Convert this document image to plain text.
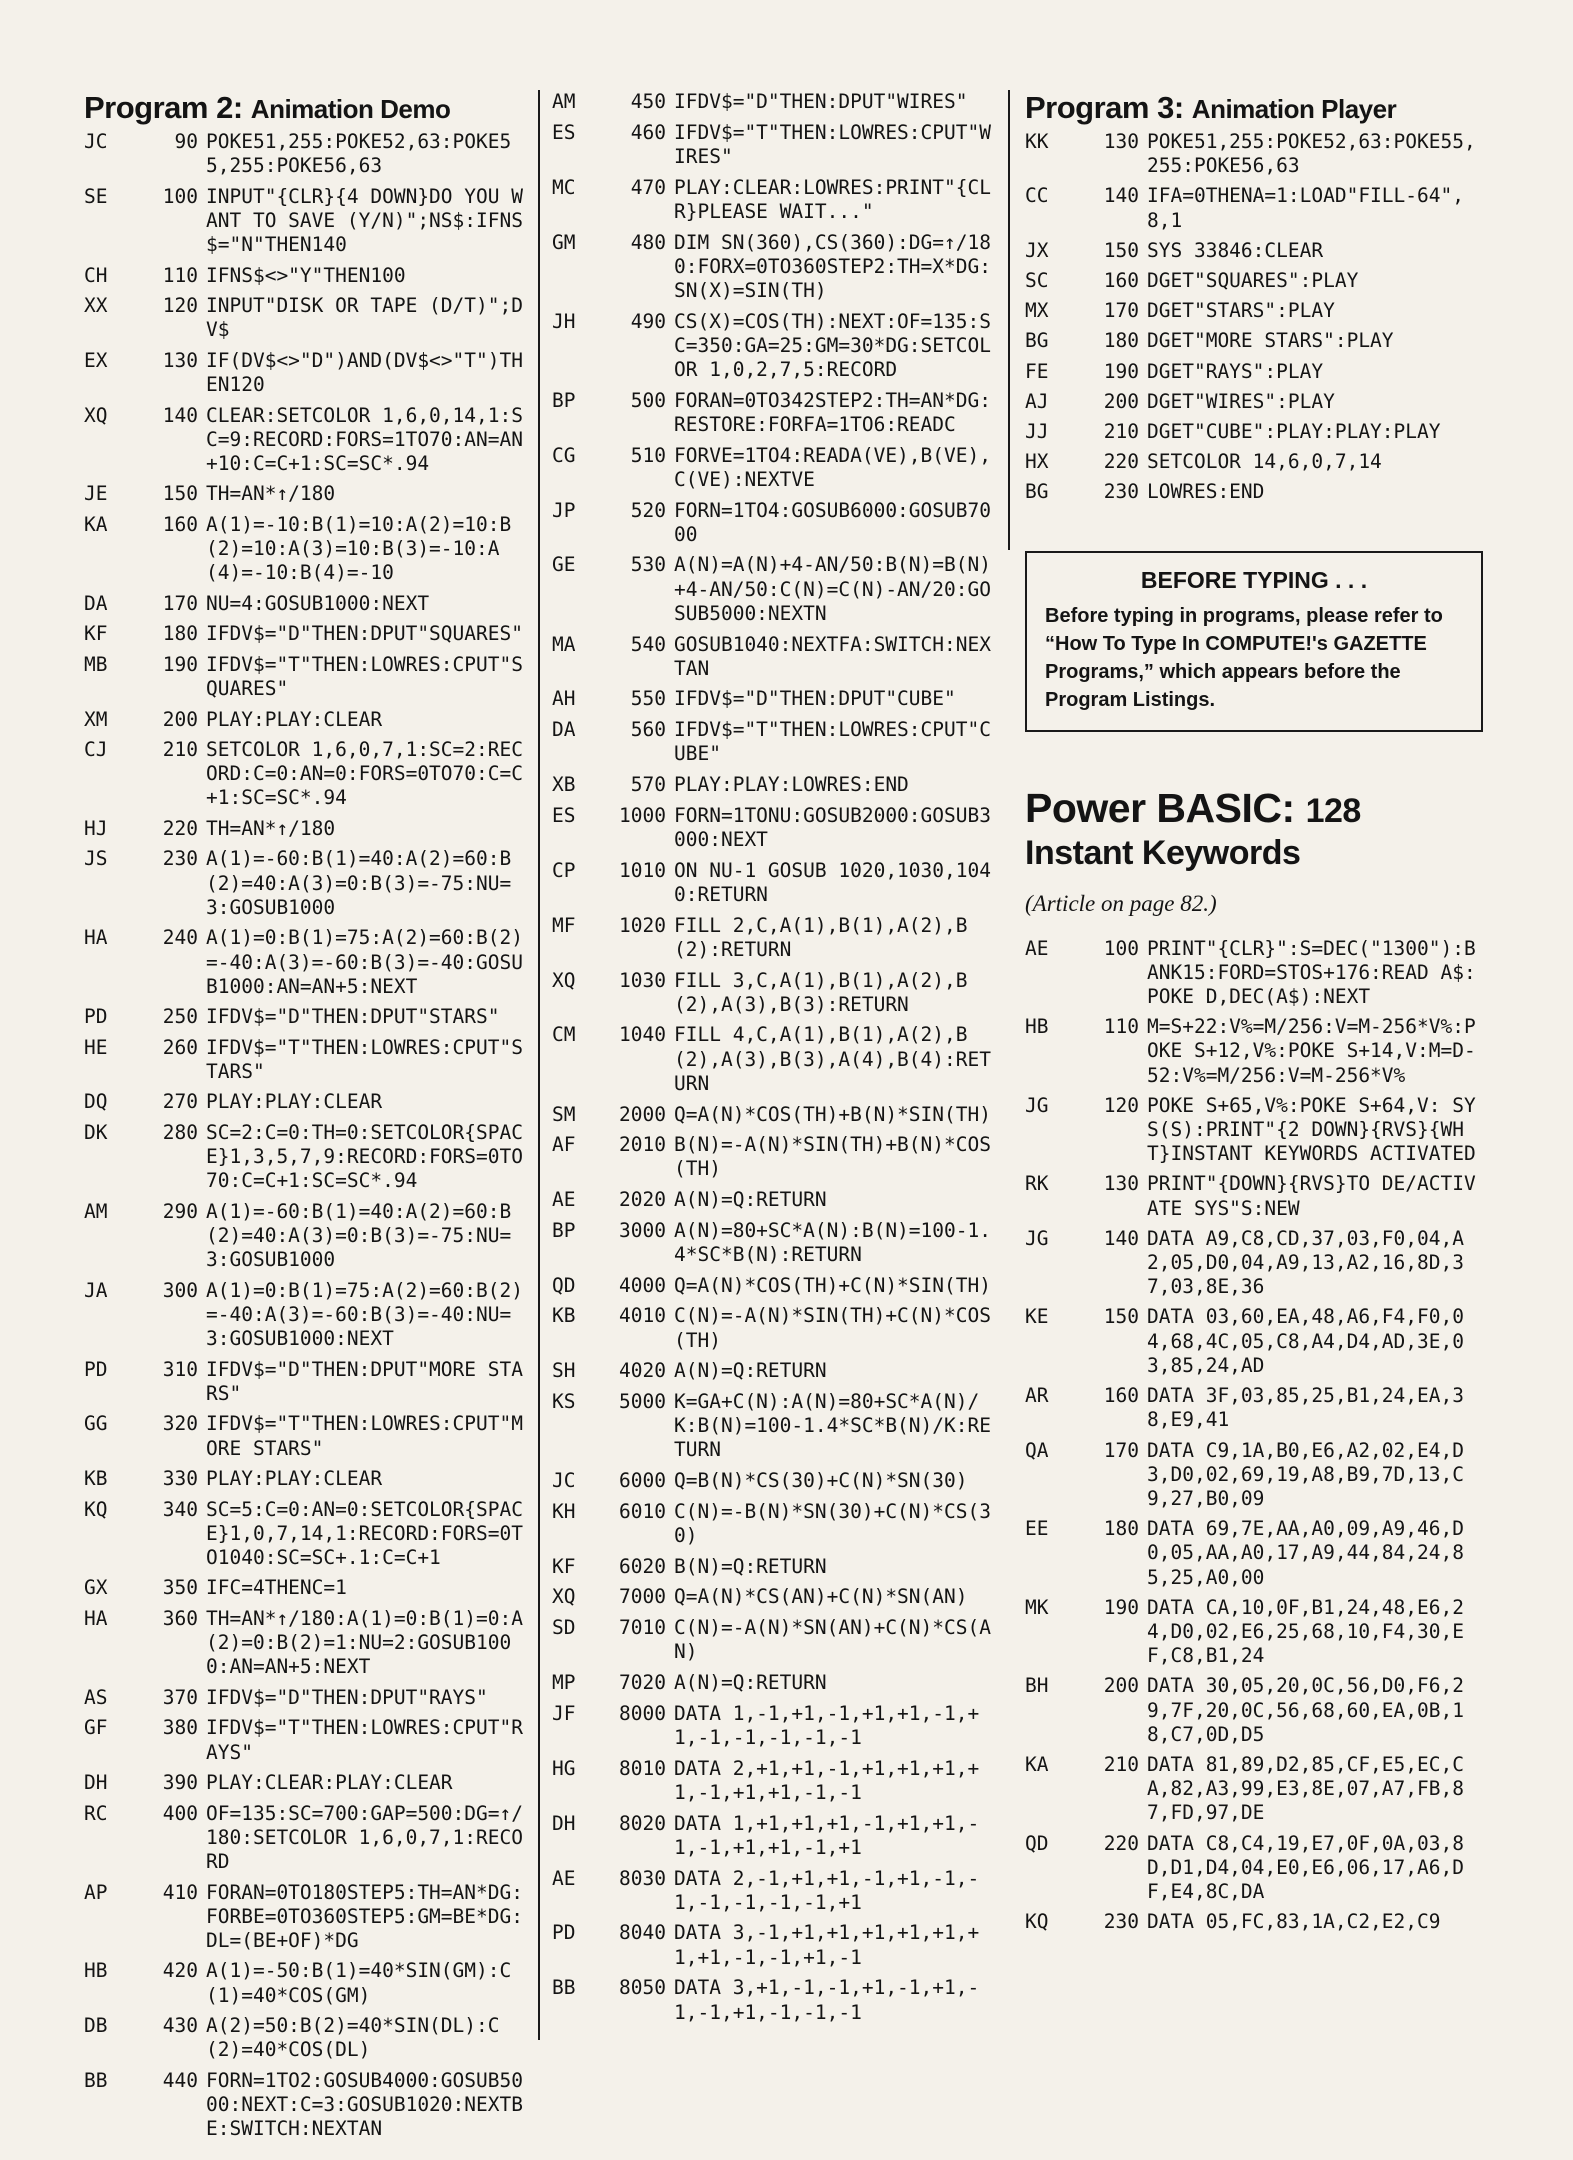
Program 2: Animation Demo
JC	90 POKE51,255:POKE52,63:POKE55,255:POKE56,63
SE	100 INPUT"{CLR}{4 DOWN}DO YOU WANT TO SAVE (Y/N)";NS$:IFNS$="N"THEN140
CH	110 IFNS$<>"Y"THEN100
XX	120 INPUT"DISK OR TAPE (D/T)";DV$
EX	130 IF(DV$<>"D")AND(DV$<>"T")THEN120
XQ	140 CLEAR:SETCOLOR 1,6,0,14,1:SC=9:RECORD:FORS=1TO70:AN=AN+10:C=C+1:SC=SC*.94
JE	150 TH=AN*↑/180
KA	160 A(1)=-10:B(1)=10:A(2)=10:B(2)=10:A(3)=10:B(3)=-10:A(4)=-10:B(4)=-10
DA	170 NU=4:GOSUB1000:NEXT
KF	180 IFDV$="D"THEN:DPUT"SQUARES"
MB	190 IFDV$="T"THEN:LOWRES:CPUT"SQUARES"
XM	200 PLAY:PLAY:CLEAR
CJ	210 SETCOLOR 1,6,0,7,1:SC=2:RECORD:C=0:AN=0:FORS=0TO70:C=C+1:SC=SC*.94
HJ	220 TH=AN*↑/180
JS	230 A(1)=-60:B(1)=40:A(2)=60:B(2)=40:A(3)=0:B(3)=-75:NU=3:GOSUB1000
HA	240 A(1)=0:B(1)=75:A(2)=60:B(2)=-40:A(3)=-60:B(3)=-40:GOSUB1000:AN=AN+5:NEXT
PD	250 IFDV$="D"THEN:DPUT"STARS"
HE	260 IFDV$="T"THEN:LOWRES:CPUT"STARS"
DQ	270 PLAY:PLAY:CLEAR
DK	280 SC=2:C=0:TH=0:SETCOLOR{SPACE}1,3,5,7,9:RECORD:FORS=0TO70:C=C+1:SC=SC*.94
AM	290 A(1)=-60:B(1)=40:A(2)=60:B(2)=40:A(3)=0:B(3)=-75:NU=3:GOSUB1000
JA	300 A(1)=0:B(1)=75:A(2)=60:B(2)=-40:A(3)=-60:B(3)=-40:NU=3:GOSUB1000:NEXT
PD	310 IFDV$="D"THEN:DPUT"MORE STARS"
GG	320 IFDV$="T"THEN:LOWRES:CPUT"MORE STARS"
KB	330 PLAY:PLAY:CLEAR
KQ	340 SC=5:C=0:AN=0:SETCOLOR{SPACE}1,0,7,14,1:RECORD:FORS=0TO1040:SC=SC+.1:C=C+1
GX	350 IFC=4THENC=1
HA	360 TH=AN*↑/180:A(1)=0:B(1)=0:A(2)=0:B(2)=1:NU=2:GOSUB1000:AN=AN+5:NEXT
AS	370 IFDV$="D"THEN:DPUT"RAYS"
GF	380 IFDV$="T"THEN:LOWRES:CPUT"RAYS"
DH	390 PLAY:CLEAR:PLAY:CLEAR
RC	400 OF=135:SC=700:GAP=500:DG=↑/180:SETCOLOR 1,6,0,7,1:RECORD
AP	410 FORAN=0TO180STEP5:TH=AN*DG:FORBE=0TO360STEP5:GM=BE*DG:DL=(BE+OF)*DG
HB	420 A(1)=-50:B(1)=40*SIN(GM):C(1)=40*COS(GM)
DB	430 A(2)=50:B(2)=40*SIN(DL):C(2)=40*COS(DL)
BB	440 FORN=1TO2:GOSUB4000:GOSUB5000:NEXT:C=3:GOSUB1020:NEXTBE:SWITCH:NEXTAN
AM	450 IFDV$="D"THEN:DPUT"WIRES"
ES	460 IFDV$="T"THEN:LOWRES:CPUT"WIRES"
MC	470 PLAY:CLEAR:LOWRES:PRINT"{CLR}PLEASE WAIT..."
GM	480 DIM SN(360),CS(360):DG=↑/180:FORX=0TO360STEP2:TH=X*DG:SN(X)=SIN(TH)
JH	490 CS(X)=COS(TH):NEXT:OF=135:SC=350:GA=25:GM=30*DG:SETCOLOR 1,0,2,7,5:RECORD
BP	500 FORAN=0TO342STEP2:TH=AN*DG:RESTORE:FORFA=1TO6:READC
CG	510 FORVE=1TO4:READA(VE),B(VE),C(VE):NEXTVE
JP	520 FORN=1TO4:GOSUB6000:GOSUB7000
GE	530 A(N)=A(N)+4-AN/50:B(N)=B(N)+4-AN/50:C(N)=C(N)-AN/20:GOSUB5000:NEXTN
MA	540 GOSUB1040:NEXTFA:SWITCH:NEXTAN
AH	550 IFDV$="D"THEN:DPUT"CUBE"
DA	560 IFDV$="T"THEN:LOWRES:CPUT"CUBE"
XB	570 PLAY:PLAY:LOWRES:END
ES	1000 FORN=1TONU:GOSUB2000:GOSUB3000:NEXT
CP	1010 ON NU-1 GOSUB 1020,1030,1040:RETURN
MF	1020 FILL 2,C,A(1),B(1),A(2),B(2):RETURN
XQ	1030 FILL 3,C,A(1),B(1),A(2),B(2),A(3),B(3):RETURN
CM	1040 FILL 4,C,A(1),B(1),A(2),B(2),A(3),B(3),A(4),B(4):RETURN
SM	2000 Q=A(N)*COS(TH)+B(N)*SIN(TH)
AF	2010 B(N)=-A(N)*SIN(TH)+B(N)*COS(TH)
AE	2020 A(N)=Q:RETURN
BP	3000 A(N)=80+SC*A(N):B(N)=100-1.4*SC*B(N):RETURN
QD	4000 Q=A(N)*COS(TH)+C(N)*SIN(TH)
KB	4010 C(N)=-A(N)*SIN(TH)+C(N)*COS(TH)
SH	4020 A(N)=Q:RETURN
KS	5000 K=GA+C(N):A(N)=80+SC*A(N)/K:B(N)=100-1.4*SC*B(N)/K:RETURN
JC	6000 Q=B(N)*CS(30)+C(N)*SN(30)
KH	6010 C(N)=-B(N)*SN(30)+C(N)*CS(30)
KF	6020 B(N)=Q:RETURN
XQ	7000 Q=A(N)*CS(AN)+C(N)*SN(AN)
SD	7010 C(N)=-A(N)*SN(AN)+C(N)*CS(AN)
MP	7020 A(N)=Q:RETURN
JF	8000 DATA 1,-1,+1,-1,+1,+1,-1,+1,-1,-1,-1,-1,-1
HG	8010 DATA 2,+1,+1,-1,+1,+1,+1,+1,-1,+1,+1,-1,-1
DH	8020 DATA 1,+1,+1,+1,-1,+1,+1,-1,-1,+1,+1,-1,+1
AE	8030 DATA 2,-1,+1,+1,-1,+1,-1,-1,-1,-1,-1,-1,+1
PD	8040 DATA 3,-1,+1,+1,+1,+1,+1,+1,+1,-1,-1,+1,-1
BB	8050 DATA 3,+1,-1,-1,+1,-1,+1,-1,-1,+1,-1,-1,-1
Program 3: Animation Player
KK	130 POKE51,255:POKE52,63:POKE55,255:POKE56,63
CC	140 IFA=0THENA=1:LOAD"FILL-64",8,1
JX	150 SYS 33846:CLEAR
SC	160 DGET"SQUARES":PLAY
MX	170 DGET"STARS":PLAY
BG	180 DGET"MORE STARS":PLAY
FE	190 DGET"RAYS":PLAY
AJ	200 DGET"WIRES":PLAY
JJ	210 DGET"CUBE":PLAY:PLAY:PLAY
HX	220 SETCOLOR 14,6,0,7,14
BG	230 LOWRES:END
BEFORE TYPING . . .
Before typing in programs, please refer to “How To Type In COMPUTE!'s GAZETTE Programs,” which appears before the Program Listings.
Power BASIC: 128
Instant Keywords
(Article on page 82.)
AE	100 PRINT"{CLR}":S=DEC("1300"):BANK15:FORD=STOS+176:READ A$:POKE D,DEC(A$):NEXT
HB	110 M=S+22:V%=M/256:V=M-256*V%:POKE S+12,V%:POKE S+14,V:M=D-52:V%=M/256:V=M-256*V%
JG	120 POKE S+65,V%:POKE S+64,V: SYS(S):PRINT"{2 DOWN}{RVS}{WHT}INSTANT KEYWORDS ACTIVATED
RK	130 PRINT"{DOWN}{RVS}TO DE/ACTIVATE SYS"S:NEW
JG	140 DATA A9,C8,CD,37,03,F0,04,A2,05,D0,04,A9,13,A2,16,8D,37,03,8E,36
KE	150 DATA 03,60,EA,48,A6,F4,F0,04,68,4C,05,C8,A4,D4,AD,3E,03,85,24,AD
AR	160 DATA 3F,03,85,25,B1,24,EA,38,E9,41
QA	170 DATA C9,1A,B0,E6,A2,02,E4,D3,D0,02,69,19,A8,B9,7D,13,C9,27,B0,09
EE	180 DATA 69,7E,AA,A0,09,A9,46,D0,05,AA,A0,17,A9,44,84,24,85,25,A0,00
MK	190 DATA CA,10,0F,B1,24,48,E6,24,D0,02,E6,25,68,10,F4,30,EF,C8,B1,24
BH	200 DATA 30,05,20,0C,56,D0,F6,29,7F,20,0C,56,68,60,EA,0B,18,C7,0D,D5
KA	210 DATA 81,89,D2,85,CF,E5,EC,CA,82,A3,99,E3,8E,07,A7,FB,87,FD,97,DE
QD	220 DATA C8,C4,19,E7,0F,0A,03,8D,D1,D4,04,E0,E6,06,17,A6,DF,E4,8C,DA
KQ	230 DATA 05,FC,83,1A,C2,E2,C9
